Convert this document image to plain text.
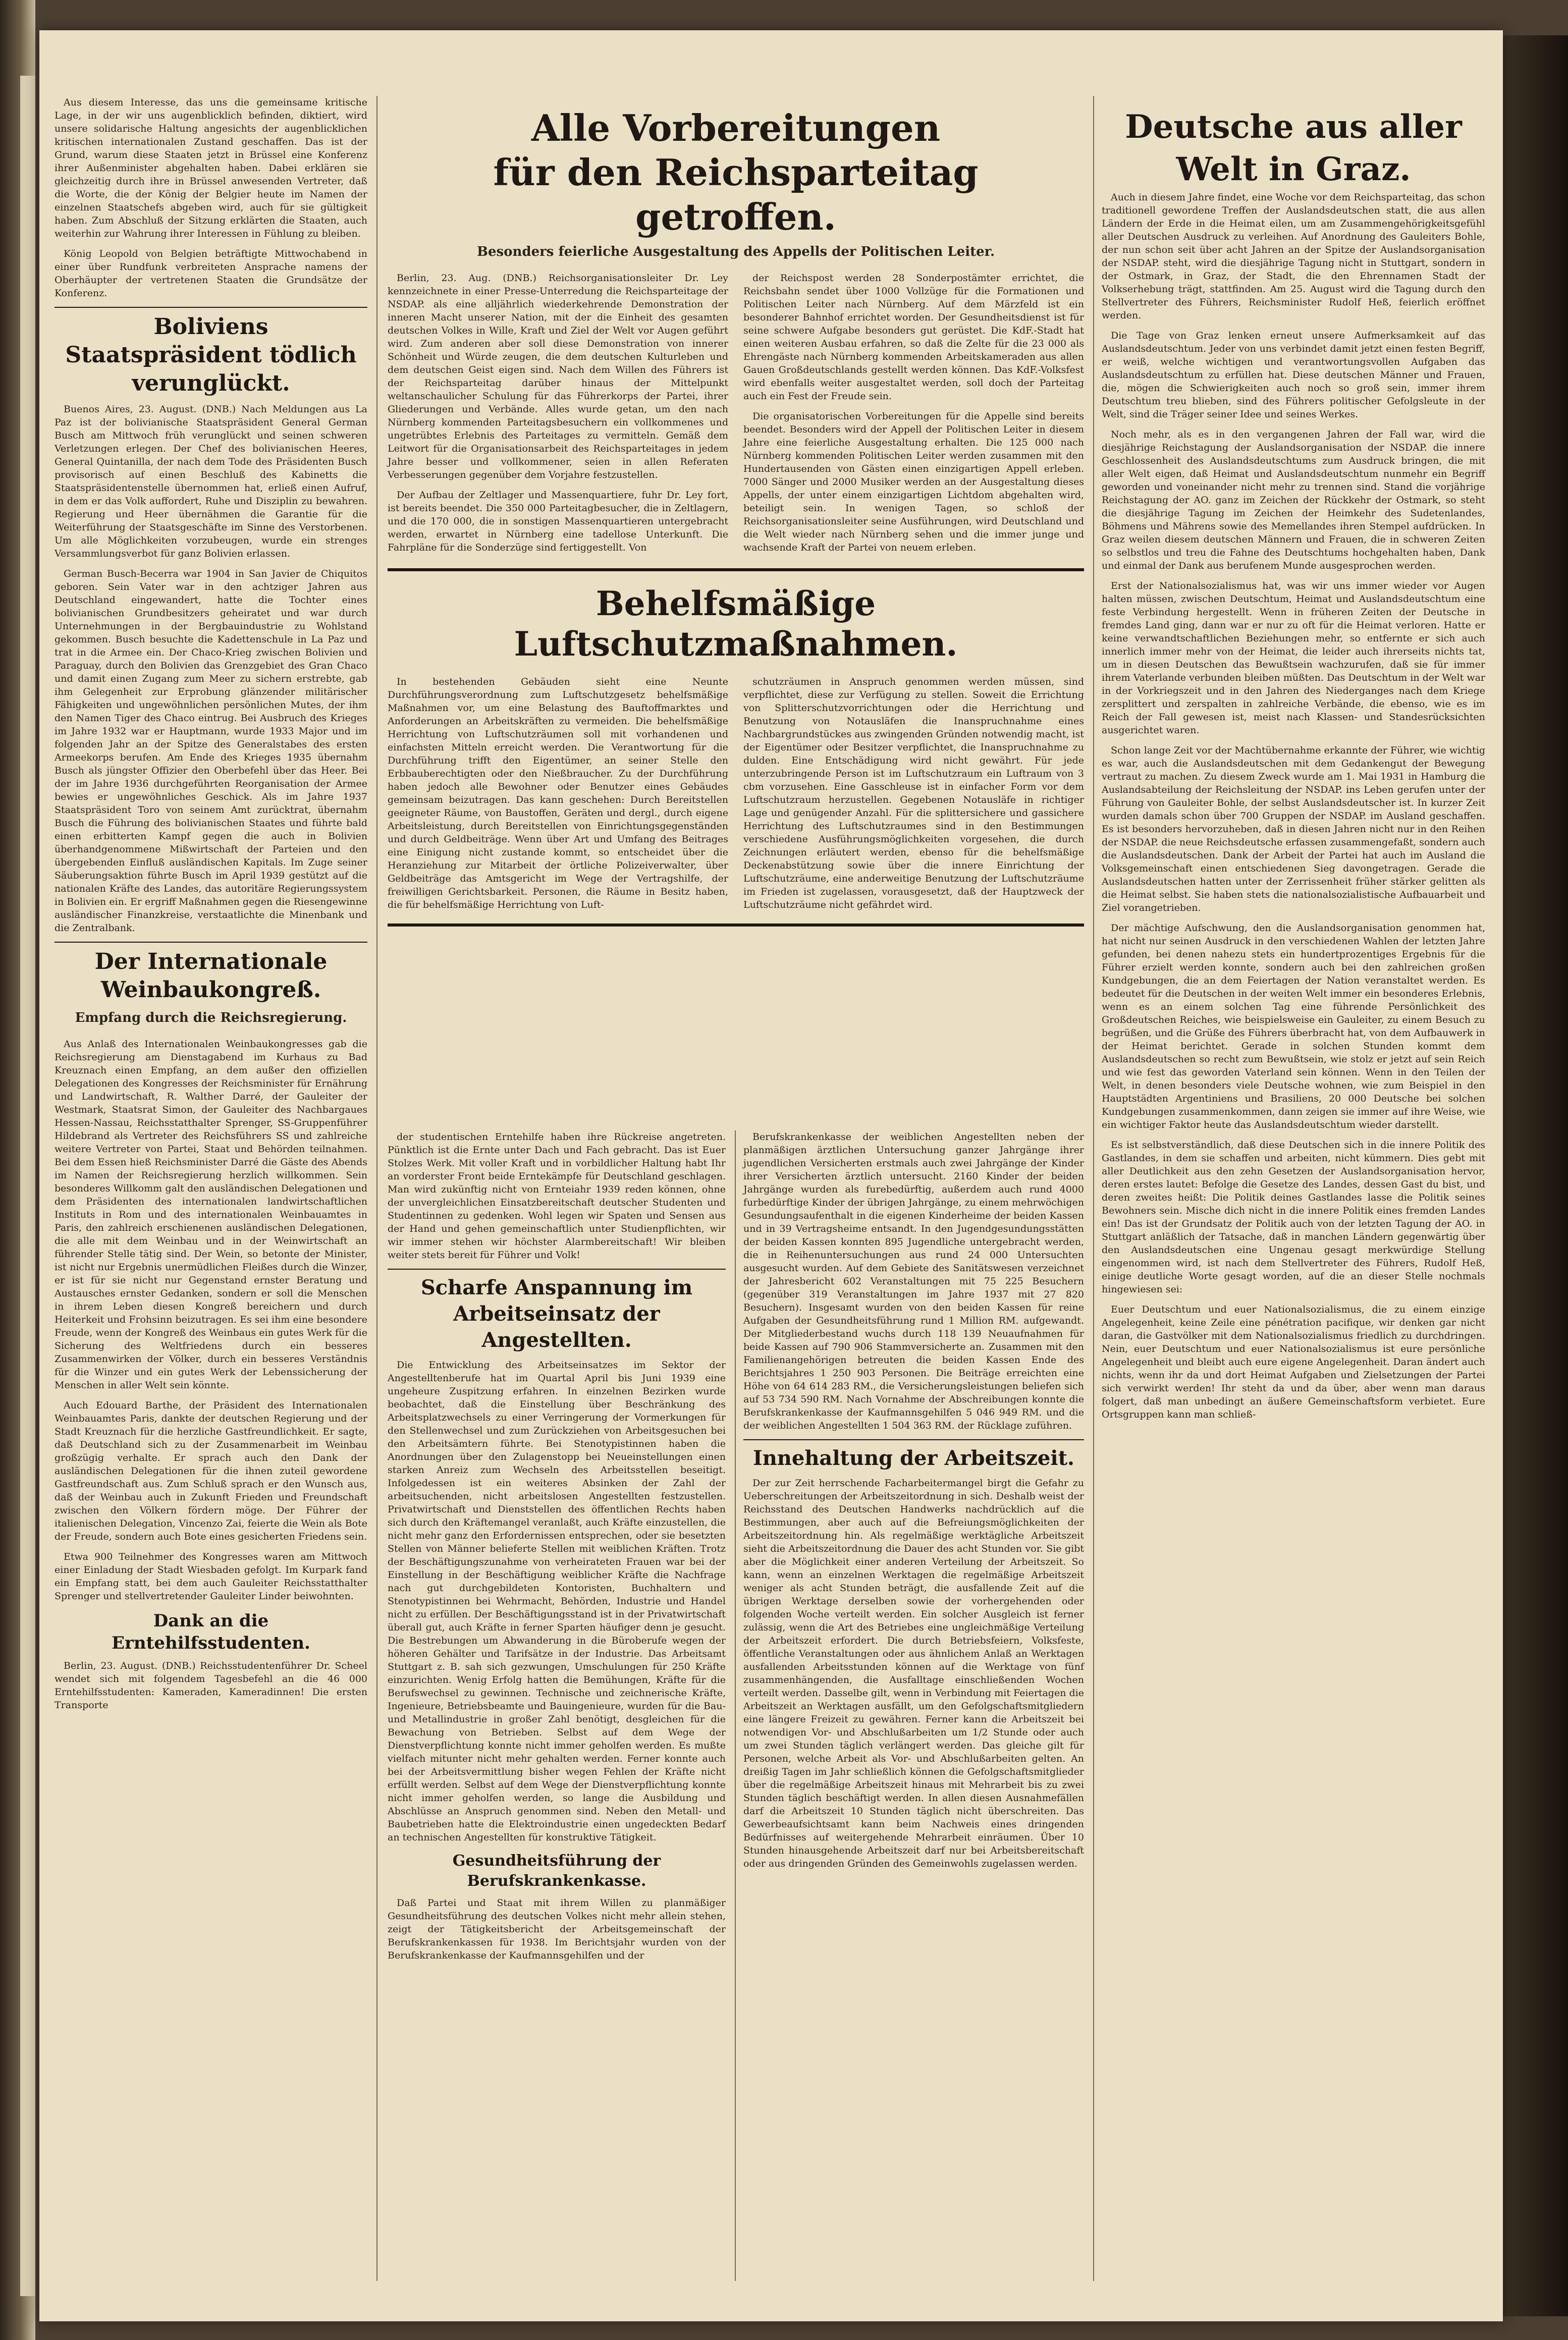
Aus diesem Interesse, das uns die gemeinsame kritische Lage, in der wir uns augenblicklich befinden, diktiert, wird unsere solidarische Haltung angesichts der augenblicklichen kritischen internationalen Zustand geschaffen. Das ist der Grund, warum diese Staaten jetzt in Brüssel eine Konferenz ihrer Außenminister abgehalten haben. Dabei erklären sie gleichzeitig durch ihre in Brüssel anwesenden Vertreter, daß die Worte, die der König der Belgier heute im Namen der einzelnen Staatschefs abgeben wird, auch für sie gültigkeit haben. Zum Abschluß der Sitzung erklärten die Staaten, auch weiterhin zur Wahrung ihrer Interessen in Fühlung zu bleiben.

König Leopold von Belgien beträftigte Mittwochabend in einer über Rundfunk verbreiteten Ansprache namens der Oberhäupter der vertretenen Staaten die Grundsätze der Konferenz.

Boliviens Staatspräsident tödlich verunglückt.

Buenos Aires, 23. August. (DNB.) Nach Meldungen aus La Paz ist der bolivianische Staatspräsident General German Busch am Mittwoch früh verunglückt und seinen schweren Verletzungen erlegen. Der Chef des bolivianischen Heeres, General Quintanilla, der nach dem Tode des Präsidenten Busch provisorisch auf einen Beschluß des Kabinetts die Staatspräsidentenstelle übernommen hat, erließ einen Aufruf, in dem er das Volk auffordert, Ruhe und Disziplin zu bewahren. Regierung und Heer übernähmen die Garantie für die Weiterführung der Staatsgeschäfte im Sinne des Verstorbenen. Um alle Möglichkeiten vorzubeugen, wurde ein strenges Versammlungsverbot für ganz Bolivien erlassen.

German Busch-Becerra war 1904 in San Javier de Chiquitos geboren. Sein Vater war in den achtziger Jahren aus Deutschland eingewandert, hatte die Tochter eines bolivianischen Grundbesitzers geheiratet und war durch Unternehmungen in der Bergbauindustrie zu Wohlstand gekommen. Busch besuchte die Kadettenschule in La Paz und trat in die Armee ein. Der Chaco-Krieg zwischen Bolivien und Paraguay, durch den Bolivien das Grenzgebiet des Gran Chaco und damit einen Zugang zum Meer zu sichern erstrebte, gab ihm Gelegenheit zur Erprobung glänzender militärischer Fähigkeiten und ungewöhnlichen persönlichen Mutes, der ihm den Namen Tiger des Chaco eintrug. Bei Ausbruch des Krieges im Jahre 1932 war er Hauptmann, wurde 1933 Major und im folgenden Jahr an der Spitze des Generalstabes des ersten Armeekorps berufen. Am Ende des Krieges 1935 übernahm Busch als jüngster Offizier den Oberbefehl über das Heer. Bei der im Jahre 1936 durchgeführten Reorganisation der Armee bewies er ungewöhnliches Geschick. Als im Jahre 1937 Staatspräsident Toro von seinem Amt zurücktrat, übernahm Busch die Führung des bolivianischen Staates und führte bald einen erbitterten Kampf gegen die auch in Bolivien überhandgenommene Mißwirtschaft der Parteien und den übergebenden Einfluß ausländischen Kapitals. Im Zuge seiner Säuberungsaktion führte Busch im April 1939 gestützt auf die nationalen Kräfte des Landes, das autoritäre Regierungssystem in Bolivien ein. Er ergriff Maßnahmen gegen die Riesengewinne ausländischer Finanzkreise, verstaatlichte die Minenbank und die Zentralbank.

Der Internationale Weinbaukongreß.
Empfang durch die Reichsregierung.

Aus Anlaß des Internationalen Weinbaukongresses gab die Reichsregierung am Dienstagabend im Kurhaus zu Bad Kreuznach einen Empfang, an dem außer den offiziellen Delegationen des Kongresses der Reichsminister für Ernährung und Landwirtschaft, R. Walther Darré, der Gauleiter der Westmark, Staatsrat Simon, der Gauleiter des Nachbargaues Hessen-Nassau, Reichsstatthalter Sprenger, SS-Gruppenführer Hildebrand als Vertreter des Reichsführers SS und zahlreiche weitere Vertreter von Partei, Staat und Behörden teilnahmen. Bei dem Essen hieß Reichsminister Darré die Gäste des Abends im Namen der Reichsregierung herzlich willkommen. Sein besonderes Willkomm galt den ausländischen Delegationen und dem Präsidenten des internationalen landwirtschaftlichen Instituts in Rom und des internationalen Weinbauamtes in Paris, den zahlreich erschienenen ausländischen Delegationen, die alle mit dem Weinbau und in der Weinwirtschaft an führender Stelle tätig sind. Der Wein, so betonte der Minister, ist nicht nur Ergebnis unermüdlichen Fleißes durch die Winzer, er ist für sie nicht nur Gegenstand ernster Beratung und Austausches ernster Gedanken, sondern er soll die Menschen in ihrem Leben diesen Kongreß bereichern und durch Heiterkeit und Frohsinn beizutragen. Es sei ihm eine besondere Freude, wenn der Kongreß des Weinbaus ein gutes Werk für die Sicherung des Weltfriedens durch ein besseres Zusammenwirken der Völker, durch ein besseres Verständnis für die Winzer und ein gutes Werk der Lebenssicherung der Menschen in aller Welt sein könnte.

Auch Edouard Barthe, der Präsident des Internationalen Weinbauamtes Paris, dankte der deutschen Regierung und der Stadt Kreuznach für die herzliche Gastfreundlichkeit. Er sagte, daß Deutschland sich zu der Zusammenarbeit im Weinbau großzügig verhalte. Er sprach auch den Dank der ausländischen Delegationen für die ihnen zuteil gewordene Gastfreundschaft aus. Zum Schluß sprach er den Wunsch aus, daß der Weinbau auch in Zukunft Frieden und Freundschaft zwischen den Völkern fördern möge. Der Führer der italienischen Delegation, Vincenzo Zai, feierte die Wein als Bote der Freude, sondern auch Bote eines gesicherten Friedens sein.

Etwa 900 Teilnehmer des Kongresses waren am Mittwoch einer Einladung der Stadt Wiesbaden gefolgt. Im Kurpark fand ein Empfang statt, bei dem auch Gauleiter Reichsstatthalter Sprenger und stellvertretender Gauleiter Linder beiwohnten.

Dank an die Erntehilfsstudenten.

Berlin, 23. August. (DNB.) Reichsstudentenführer Dr. Scheel wendet sich mit folgendem Tagesbefehl an die 46 000 Erntehilfsstudenten: Kameraden, Kameradinnen! Die ersten Transporte

Alle Vorbereitungen
für den Reichsparteitag getroffen.
Besonders feierliche Ausgestaltung des Appells der Politischen Leiter.

Berlin, 23. Aug. (DNB.) Reichsorganisationsleiter Dr. Ley kennzeichnete in einer Presse-Unterredung die Reichsparteitage der NSDAP. als eine alljährlich wiederkehrende Demonstration der inneren Macht unserer Nation, mit der die Einheit des gesamten deutschen Volkes in Wille, Kraft und Ziel der Welt vor Augen geführt wird. Zum anderen aber soll diese Demonstration von innerer Schönheit und Würde zeugen, die dem deutschen Kulturleben und dem deutschen Geist eigen sind. Nach dem Willen des Führers ist der Reichsparteitag darüber hinaus der Mittelpunkt weltanschaulicher Schulung für das Führerkorps der Partei, ihrer Gliederungen und Verbände. Alles wurde getan, um den nach Nürnberg kommenden Parteitagsbesuchern ein vollkommenes und ungetrübtes Erlebnis des Parteitages zu vermitteln. Gemäß dem Leitwort für die Organisationsarbeit des Reichsparteitages in jedem Jahre besser und vollkommener, seien in allen Referaten Verbesserungen gegenüber dem Vorjahre festzustellen.

Der Aufbau der Zeltlager und Massenquartiere, fuhr Dr. Ley fort, ist bereits beendet. Die 350 000 Parteitagbesucher, die in Zeltlagern, und die 170 000, die in sonstigen Massenquartieren untergebracht werden, erwartet in Nürnberg eine tadellose Unterkunft. Die Fahrpläne für die Sonderzüge sind fertiggestellt. Von

der Reichspost werden 28 Sonderpostämter errichtet, die Reichsbahn sendet über 1000 Vollzüge für die Formationen und Politischen Leiter nach Nürnberg. Auf dem Märzfeld ist ein besonderer Bahnhof errichtet worden. Der Gesundheitsdienst ist für seine schwere Aufgabe besonders gut gerüstet. Die KdF.-Stadt hat einen weiteren Ausbau erfahren, so daß die Zelte für die 23 000 als Ehrengäste nach Nürnberg kommenden Arbeitskameraden aus allen Gauen Großdeutschlands gestellt werden können. Das KdF.-Volksfest wird ebenfalls weiter ausgestaltet werden, soll doch der Parteitag auch ein Fest der Freude sein.

Die organisatorischen Vorbereitungen für die Appelle sind bereits beendet. Besonders wird der Appell der Politischen Leiter in diesem Jahre eine feierliche Ausgestaltung erhalten. Die 125 000 nach Nürnberg kommenden Politischen Leiter werden zusammen mit den Hundertausenden von Gästen einen einzigartigen Appell erleben. 7000 Sänger und 2000 Musiker werden an der Ausgestaltung dieses Appells, der unter einem einzigartigen Lichtdom abgehalten wird, beteiligt sein. In wenigen Tagen, so schloß der Reichsorganisationsleiter seine Ausführungen, wird Deutschland und die Welt wieder nach Nürnberg sehen und die immer junge und wachsende Kraft der Partei von neuem erleben.

Behelfsmäßige Luftschutzmaßnahmen.

In bestehenden Gebäuden sieht eine Neunte Durchführungsverordnung zum Luftschutzgesetz behelfsmäßige Maßnahmen vor, um eine Belastung des Bauftoffmarktes und Anforderungen an Arbeitskräften zu vermeiden. Die behelfsmäßige Herrichtung von Luftschutzräumen soll mit vorhandenen und einfachsten Mitteln erreicht werden. Die Verantwortung für die Durchführung trifft den Eigentümer, an seiner Stelle den Erbbauberechtigten oder den Nießbraucher. Zu der Durchführung haben jedoch alle Bewohner oder Benutzer eines Gebäudes gemeinsam beizutragen. Das kann geschehen: Durch Bereitstellen geeigneter Räume, von Baustoffen, Geräten und dergl., durch eigene Arbeitsleistung, durch Bereitstellen von Einrichtungsgegenständen und durch Geldbeiträge. Wenn über Art und Umfang des Beitrages eine Einigung nicht zustande kommt, so entscheidet über die Heranziehung zur Mitarbeit der örtliche Polizeiverwalter, über Geldbeiträge das Amtsgericht im Wege der Vertragshilfe, der freiwilligen Gerichtsbarkeit. Personen, die Räume in Besitz haben, die für behelfsmäßige Herrichtung von Luft-

schutzräumen in Anspruch genommen werden müssen, sind verpflichtet, diese zur Verfügung zu stellen. Soweit die Errichtung von Splitterschutzvorrichtungen oder die Herrichtung und Benutzung von Notausläfen die Inanspruchnahme eines Nachbargrundstückes aus zwingenden Gründen notwendig macht, ist der Eigentümer oder Besitzer verpflichtet, die Inanspruchnahme zu dulden. Eine Entschädigung wird nicht gewährt. Für jede unterzubringende Person ist im Luftschutzraum ein Luftraum von 3 cbm vorzusehen. Eine Gasschleuse ist in einfacher Form vor dem Luftschutzraum herzustellen. Gegebenen Notausläfe in richtiger Lage und genügender Anzahl. Für die splittersichere und gassichere Herrichtung des Luftschutzraumes sind in den Bestimmungen verschiedene Ausführungsmöglichkeiten vorgesehen, die durch Zeichnungen erläutert werden, ebenso für die behelfsmäßige Deckenabstützung sowie über die innere Einrichtung der Luftschutzräume, eine anderweitige Benutzung der Luftschutzräume im Frieden ist zugelassen, vorausgesetzt, daß der Hauptzweck der Luftschutzräume nicht gefährdet wird.

der studentischen Erntehilfe haben ihre Rückreise angetreten. Pünktlich ist die Ernte unter Dach und Fach gebracht. Das ist Euer Stolzes Werk. Mit voller Kraft und in vorbildlicher Haltung habt Ihr an vorderster Front beide Erntekämpfe für Deutschland geschlagen. Man wird zukünftig nicht von Ernteiahr 1939 reden können, ohne der unvergleichlichen Einsatzbereitschaft deutscher Studenten und Studentinnen zu gedenken. Wohl legen wir Spaten und Sensen aus der Hand und gehen gemeinschaftlich unter Studienpflichten, wir wir immer stehen wir höchster Alarmbereitschaft! Wir bleiben weiter stets bereit für Führer und Volk!

Scharfe Anspannung im Arbeitseinsatz der Angestellten.

Die Entwicklung des Arbeitseinsatzes im Sektor der Angestelltenberufe hat im Quartal April bis Juni 1939 eine ungeheure Zuspitzung erfahren. In einzelnen Bezirken wurde beobachtet, daß die Einstellung über Beschränkung des Arbeitsplatzwechsels zu einer Verringerung der Vormerkungen für den Stellenwechsel und zum Zurückziehen von Arbeitsgesuchen bei den Arbeitsämtern führte. Bei Stenotypistinnen haben die Anordnungen über den Zulagenstopp bei Neueinstellungen einen starken Anreiz zum Wechseln des Arbeitsstellen beseitigt. Infolgedessen ist ein weiteres Absinken der Zahl der arbeitsuchenden, nicht arbeitslosen Angestellten festzustellen. Privatwirtschaft und Dienststellen des öffentlichen Rechts haben sich durch den Kräftemangel veranlaßt, auch Kräfte einzustellen, die nicht mehr ganz den Erfordernissen entsprechen, oder sie besetzten Stellen von Männer belieferte Stellen mit weiblichen Kräften. Trotz der Beschäftigungszunahme von verheirateten Frauen war bei der Einstellung in der Beschäftigung weiblicher Kräfte die Nachfrage nach gut durchgebildeten Kontoristen, Buchhaltern und Stenotypistinnen bei Wehrmacht, Behörden, Industrie und Handel nicht zu erfüllen. Der Beschäftigungsstand ist in der Privatwirtschaft überall gut, auch Kräfte in ferner Sparten häufiger denn je gesucht. Die Bestrebungen um Abwanderung in die Büroberufe wegen der höheren Gehälter und Tarifsätze in der Industrie. Das Arbeitsamt Stuttgart z. B. sah sich gezwungen, Umschulungen für 250 Kräfte einzurichten. Wenig Erfolg hatten die Bemühungen, Kräfte für die Berufswechsel zu gewinnen. Technische und zeichnerische Kräfte, Ingenieure, Betriebsbeamte und Bauingenieure, wurden für die Bau- und Metallindustrie in großer Zahl benötigt, desgleichen für die Bewachung von Betrieben. Selbst auf dem Wege der Dienstverpflichtung konnte nicht immer geholfen werden. Es mußte vielfach mitunter nicht mehr gehalten werden. Ferner konnte auch bei der Arbeitsvermittlung bisher wegen Fehlen der Kräfte nicht erfüllt werden. Selbst auf dem Wege der Dienstverpflichtung konnte nicht immer geholfen werden, so lange die Ausbildung und Abschlüsse an Anspruch genommen sind. Neben den Metall- und Baubetrieben hatte die Elektroindustrie einen ungedeckten Bedarf an technischen Angestellten für konstruktive Tätigkeit.

Gesundheitsführung der Berufskrankenkasse.

Daß Partei und Staat mit ihrem Willen zu planmäßiger Gesundheitsführung des deutschen Volkes nicht mehr allein stehen, zeigt der Tätigkeitsbericht der Arbeitsgemeinschaft der Berufskrankenkassen für 1938. Im Berichtsjahr wurden von der Berufskrankenkasse der Kaufmannsgehilfen und der

Berufskrankenkasse der weiblichen Angestellten neben der planmäßigen ärztlichen Untersuchung ganzer Jahrgänge ihrer jugendlichen Versicherten erstmals auch zwei Jahrgänge der Kinder ihrer Versicherten ärztlich untersucht. 2160 Kinder der beiden Jahrgänge wurden als furebedürftig, außerdem auch rund 4000 furbedürftige Kinder der übrigen Jahrgänge, zu einem mehrwöchigen Gesundungsaufenthalt in die eigenen Kinderheime der beiden Kassen und in 39 Vertragsheime entsandt. In den Jugendgesundungsstätten der beiden Kassen konnten 895 Jugendliche untergebracht werden, die in Reihenuntersuchungen aus rund 24 000 Untersuchten ausgesucht wurden. Auf dem Gebiete des Sanitätswesen verzeichnet der Jahresbericht 602 Veranstaltungen mit 75 225 Besuchern (gegenüber 319 Veranstaltungen im Jahre 1937 mit 27 820 Besuchern). Insgesamt wurden von den beiden Kassen für reine Aufgaben der Gesundheitsführung rund 1 Million RM. aufgewandt. Der Mitgliederbestand wuchs durch 118 139 Neuaufnahmen für beide Kassen auf 790 906 Stammversicherte an. Zusammen mit den Familienangehörigen betreuten die beiden Kassen Ende des Berichtsjahres 1 250 903 Personen. Die Beiträge erreichten eine Höhe von 64 614 283 RM., die Versicherungsleistungen beliefen sich auf 53 734 590 RM. Nach Vornahme der Abschreibungen konnte die Berufskrankenkasse der Kaufmannsgehilfen 5 046 949 RM. und die der weiblichen Angestellten 1 504 363 RM. der Rücklage zuführen.

Innehaltung der Arbeitszeit.

Der zur Zeit herrschende Facharbeitermangel birgt die Gefahr zu Ueberschreitungen der Arbeitszeitordnung in sich. Deshalb weist der Reichsstand des Deutschen Handwerks nachdrücklich auf die Bestimmungen, aber auch auf die Befreiungsmöglichkeiten der Arbeitszeitordnung hin. Als regelmäßige werktägliche Arbeitszeit sieht die Arbeitszeitordnung die Dauer des acht Stunden vor. Sie gibt aber die Möglichkeit einer anderen Verteilung der Arbeitszeit. So kann, wenn an einzelnen Werktagen die regelmäßige Arbeitszeit weniger als acht Stunden beträgt, die ausfallende Zeit auf die übrigen Werktage derselben sowie der vorhergehenden oder folgenden Woche verteilt werden. Ein solcher Ausgleich ist ferner zulässig, wenn die Art des Betriebes eine ungleichmäßige Verteilung der Arbeitszeit erfordert. Die durch Betriebsfeiern, Volksfeste, öffentliche Veranstaltungen oder aus ähnlichem Anlaß an Werktagen ausfallenden Arbeitsstunden können auf die Werktage von fünf zusammenhängenden, die Ausfalltage einschließenden Wochen verteilt werden. Dasselbe gilt, wenn in Verbindung mit Feiertagen die Arbeitszeit an Werktagen ausfällt, um den Gefolgschaftsmitgliedern eine längere Freizeit zu gewähren. Ferner kann die Arbeitszeit bei notwendigen Vor- und Abschlußarbeiten um 1/2 Stunde oder auch um zwei Stunden täglich verlängert werden. Das gleiche gilt für Personen, welche Arbeit als Vor- und Abschlußarbeiten gelten. An dreißig Tagen im Jahr schließlich können die Gefolgschaftsmitglieder über die regelmäßige Arbeitszeit hinaus mit Mehrarbeit bis zu zwei Stunden täglich beschäftigt werden. In allen diesen Ausnahmefällen darf die Arbeitszeit 10 Stunden täglich nicht überschreiten. Das Gewerbeaufsichtsamt kann beim Nachweis eines dringenden Bedürfnisses auf weitergehende Mehrarbeit einräumen. Über 10 Stunden hinausgehende Arbeitszeit darf nur bei Arbeitsbereitschaft oder aus dringenden Gründen des Gemeinwohls zugelassen werden.

Deutsche aus aller Welt in Graz.

Auch in diesem Jahre findet, eine Woche vor dem Reichsparteitag, das schon traditionell gewordene Treffen der Auslandsdeutschen statt, die aus allen Ländern der Erde in die Heimat eilen, um am Zusammengehörigkeitsgefühl aller Deutschen Ausdruck zu verleihen. Auf Anordnung des Gauleiters Bohle, der nun schon seit über acht Jahren an der Spitze der Auslandsorganisation der NSDAP. steht, wird die diesjährige Tagung nicht in Stuttgart, sondern in der Ostmark, in Graz, der Stadt, die den Ehrennamen Stadt der Volkserhebung trägt, stattfinden. Am 25. August wird die Tagung durch den Stellvertreter des Führers, Reichsminister Rudolf Heß, feierlich eröffnet werden.

Die Tage von Graz lenken erneut unsere Aufmerksamkeit auf das Auslandsdeutschtum. Jeder von uns verbindet damit jetzt einen festen Begriff, er weiß, welche wichtigen und verantwortungsvollen Aufgaben das Auslandsdeutschtum zu erfüllen hat. Diese deutschen Männer und Frauen, die, mögen die Schwierigkeiten auch noch so groß sein, immer ihrem Deutschtum treu blieben, sind des Führers politischer Gefolgsleute in der Welt, sind die Träger seiner Idee und seines Werkes.

Noch mehr, als es in den vergangenen Jahren der Fall war, wird die diesjährige Reichstagung der Auslandsorganisation der NSDAP. die innere Geschlossenheit des Auslandsdeutschtums zum Ausdruck bringen, die mit aller Welt eigen, daß Heimat und Auslandsdeutschtum nunmehr ein Begriff geworden und voneinander nicht mehr zu trennen sind. Stand die vorjährige Reichstagung der AO. ganz im Zeichen der Rückkehr der Ostmark, so steht die diesjährige Tagung im Zeichen der Heimkehr des Sudetenlandes, Böhmens und Mährens sowie des Memellandes ihren Stempel aufdrücken. In Graz weilen diesem deutschen Männern und Frauen, die in schweren Zeiten so selbstlos und treu die Fahne des Deutschtums hochgehalten haben, Dank und einmal der Dank aus berufenem Munde ausgesprochen werden.

Erst der Nationalsozialismus hat, was wir uns immer wieder vor Augen halten müssen, zwischen Deutschtum, Heimat und Auslandsdeutschtum eine feste Verbindung hergestellt. Wenn in früheren Zeiten der Deutsche in fremdes Land ging, dann war er nur zu oft für die Heimat verloren. Hatte er keine verwandtschaftlichen Beziehungen mehr, so entfernte er sich auch innerlich immer mehr von der Heimat, die leider auch ihrerseits nichts tat, um in diesen Deutschen das Bewußtsein wachzurufen, daß sie für immer ihrem Vaterlande verbunden bleiben müßten. Das Deutschtum in der Welt war in der Vorkriegszeit und in den Jahren des Niederganges nach dem Kriege zersplittert und zerspalten in zahlreiche Verbände, die ebenso, wie es im Reich der Fall gewesen ist, meist nach Klassen- und Standesrücksichten ausgerichtet waren.

Schon lange Zeit vor der Machtübernahme erkannte der Führer, wie wichtig es war, auch die Auslandsdeutschen mit dem Gedankengut der Bewegung vertraut zu machen. Zu diesem Zweck wurde am 1. Mai 1931 in Hamburg die Auslandsabteilung der Reichsleitung der NSDAP. ins Leben gerufen unter der Führung von Gauleiter Bohle, der selbst Auslandsdeutscher ist. In kurzer Zeit wurden damals schon über 700 Gruppen der NSDAP. im Ausland geschaffen. Es ist besonders hervorzuheben, daß in diesen Jahren nicht nur in den Reihen der NSDAP. die neue Reichsdeutsche erfassen zusammengefaßt, sondern auch die Auslandsdeutschen. Dank der Arbeit der Partei hat auch im Ausland die Volksgemeinschaft einen entschiedenen Sieg davongetragen. Gerade die Auslandsdeutschen hatten unter der Zerrissenheit früher stärker gelitten als die Heimat selbst. Sie haben stets die nationalsozialistische Aufbauarbeit und Ziel vorangetrieben.

Der mächtige Aufschwung, den die Auslandsorganisation genommen hat, hat nicht nur seinen Ausdruck in den verschiedenen Wahlen der letzten Jahre gefunden, bei denen nahezu stets ein hundertprozentiges Ergebnis für die Führer erzielt werden konnte, sondern auch bei den zahlreichen großen Kundgebungen, die an dem Feiertagen der Nation veranstaltet werden. Es bedeutet für die Deutschen in der weiten Welt immer ein besonderes Erlebnis, wenn es an einem solchen Tag eine führende Persönlichkeit des Großdeutschen Reiches, wie beispielsweise ein Gauleiter, zu einem Besuch zu begrüßen, und die Grüße des Führers überbracht hat, von dem Aufbauwerk in der Heimat berichtet. Gerade in solchen Stunden kommt dem Auslandsdeutschen so recht zum Bewußtsein, wie stolz er jetzt auf sein Reich und wie fest das geworden Vaterland sein können. Wenn in den Teilen der Welt, in denen besonders viele Deutsche wohnen, wie zum Beispiel in den Hauptstädten Argentiniens und Brasiliens, 20 000 Deutsche bei solchen Kundgebungen zusammenkommen, dann zeigen sie immer auf ihre Weise, wie ein wichtiger Faktor heute das Auslandsdeutschtum wieder darstellt.

Es ist selbstverständlich, daß diese Deutschen sich in die innere Politik des Gastlandes, in dem sie schaffen und arbeiten, nicht kümmern. Dies gebt mit aller Deutlichkeit aus den zehn Gesetzen der Auslandsorganisation hervor, deren erstes lautet: Befolge die Gesetze des Landes, dessen Gast du bist, und deren zweites heißt: Die Politik deines Gastlandes lasse die Politik seines Bewohners sein. Mische dich nicht in die innere Politik eines fremden Landes ein! Das ist der Grundsatz der Politik auch von der letzten Tagung der AO. in Stuttgart anläßlich der Tatsache, daß in manchen Ländern gegenwärtig über den Auslandsdeutschen eine Ungenau gesagt merkwürdige Stellung eingenommen wird, ist nach dem Stellvertreter des Führers, Rudolf Heß, einige deutliche Worte gesagt worden, auf die an dieser Stelle nochmals hingewiesen sei:

Euer Deutschtum und euer Nationalsozialismus, die zu einem einzige Angelegenheit, keine Zeile eine pénétration pacifique, wir denken gar nicht daran, die Gastvölker mit dem Nationalsozialismus friedlich zu durchdringen. Nein, euer Deutschtum und euer Nationalsozialismus ist eure persönliche Angelegenheit und bleibt auch eure eigene Angelegenheit. Daran ändert auch nichts, wenn ihr da und dort Heimat Aufgaben und Zielsetzungen der Partei sich verwirkt werden! Ihr steht da und da über, aber wenn man daraus folgert, daß man unbedingt an äußere Gemeinschaftsform verbietet. Eure Ortsgruppen kann man schließ-
